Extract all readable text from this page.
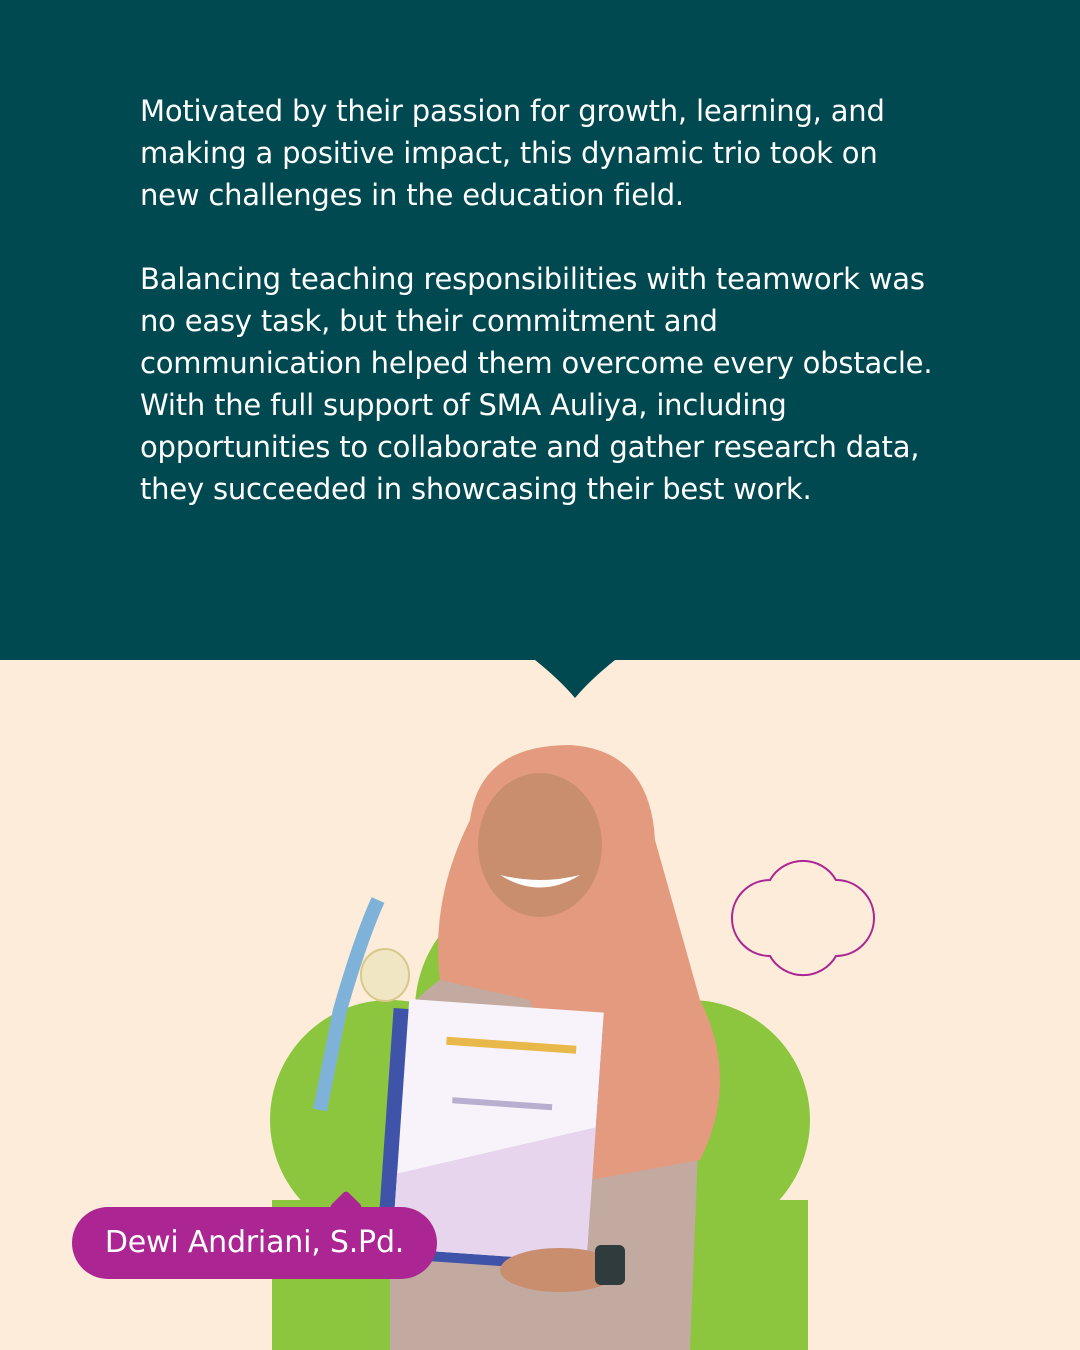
Motivated by their passion for growth, learning, and making a positive impact, this dynamic trio took on new challenges in the education field.

Balancing teaching responsibilities with teamwork was no easy task, but their commitment and communication helped them overcome every obstacle. With the full support of SMA Auliya, including opportunities to collaborate and gather research data, they succeeded in showcasing their best work.

Dewi Andriani, S.Pd.
